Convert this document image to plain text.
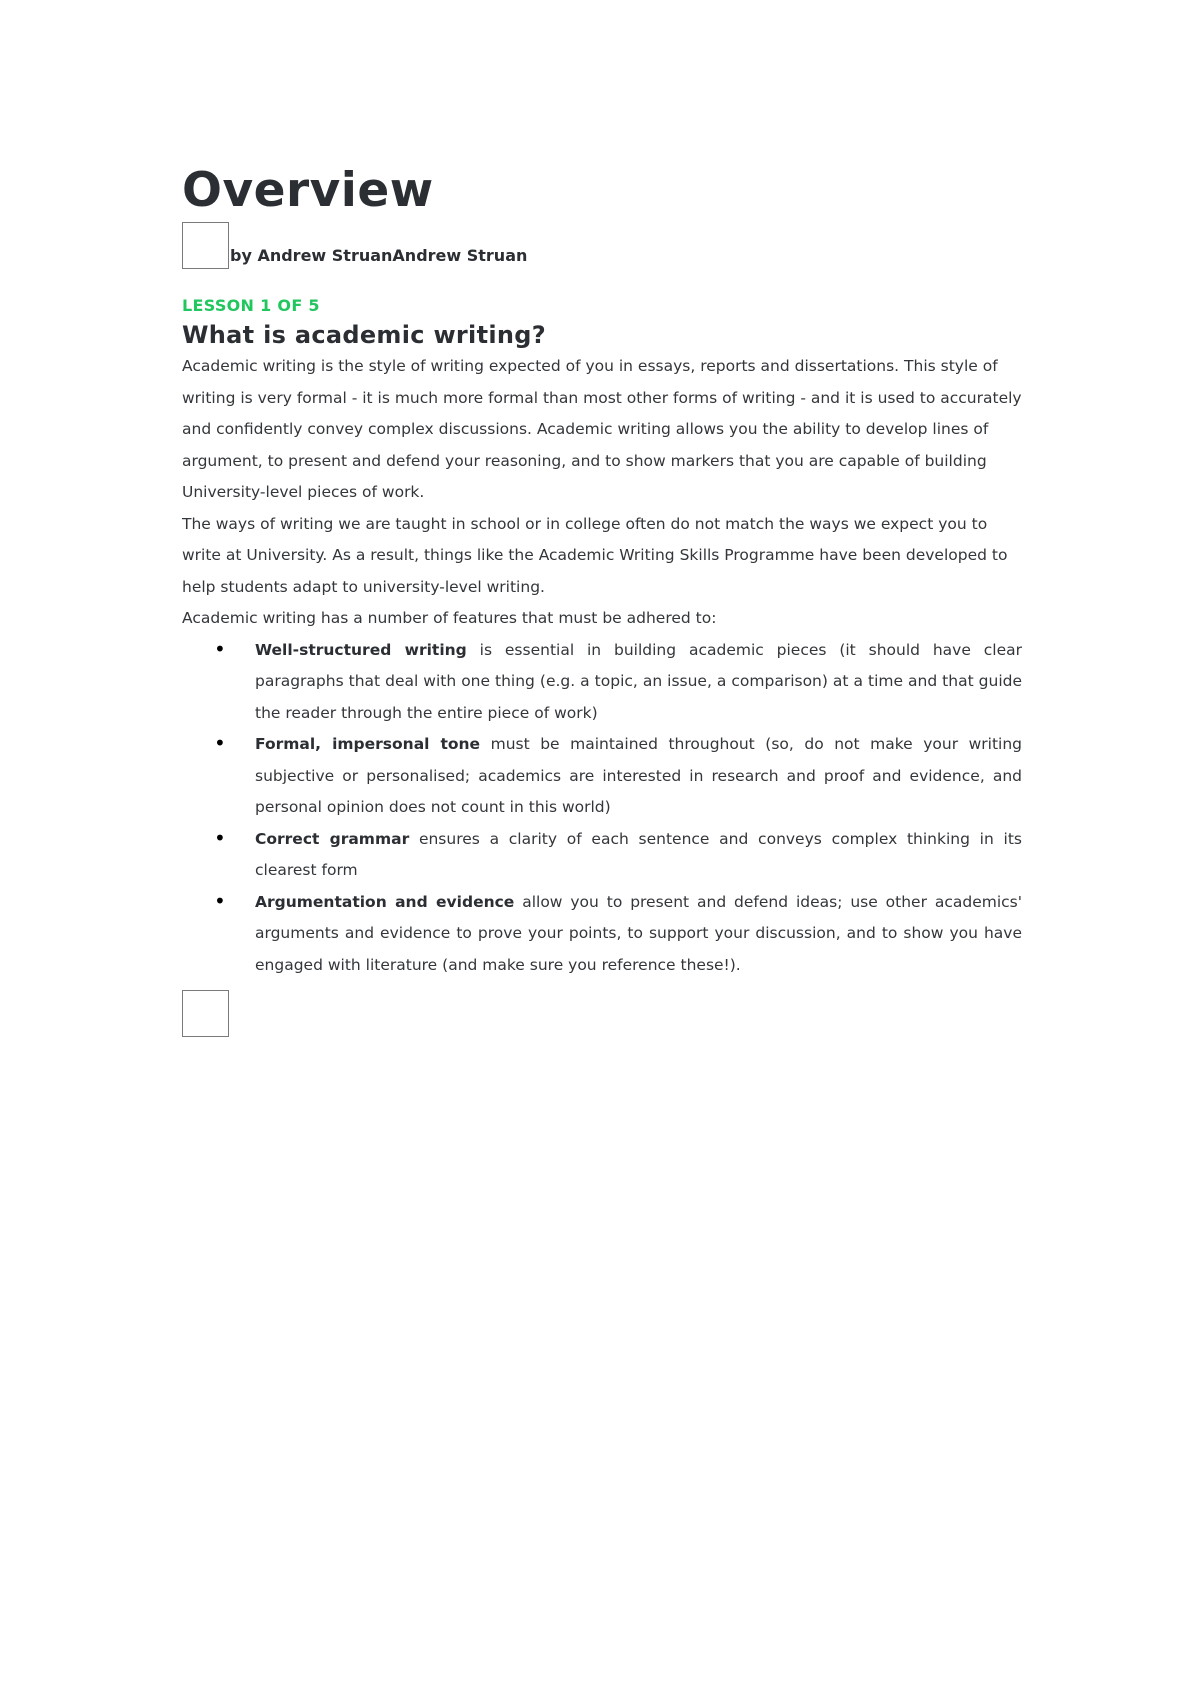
Overview
by Andrew StruanAndrew Struan
LESSON 1 OF 5
What is academic writing?

Academic writing is the style of writing expected of you in essays, reports and dissertations. This style of writing is very formal - it is much more formal than most other forms of writing - and it is used to accurately and confidently convey complex discussions. Academic writing allows you the ability to develop lines of argument, to present and defend your reasoning, and to show markers that you are capable of building University-level pieces of work.

The ways of writing we are taught in school or in college often do not match the ways we expect you to write at University. As a result, things like the Academic Writing Skills Programme have been developed to help students adapt to university-level writing.

Academic writing has a number of features that must be adhered to:

• Well-structured writing is essential in building academic pieces (it should have clear paragraphs that deal with one thing (e.g. a topic, an issue, a comparison) at a time and that guide the reader through the entire piece of work)
• Formal, impersonal tone must be maintained throughout (so, do not make your writing subjective or personalised; academics are interested in research and proof and evidence, and personal opinion does not count in this world)
• Correct grammar ensures a clarity of each sentence and conveys complex thinking in its clearest form
• Argumentation and evidence allow you to present and defend ideas; use other academics' arguments and evidence to prove your points, to support your discussion, and to show you have engaged with literature (and make sure you reference these!).
